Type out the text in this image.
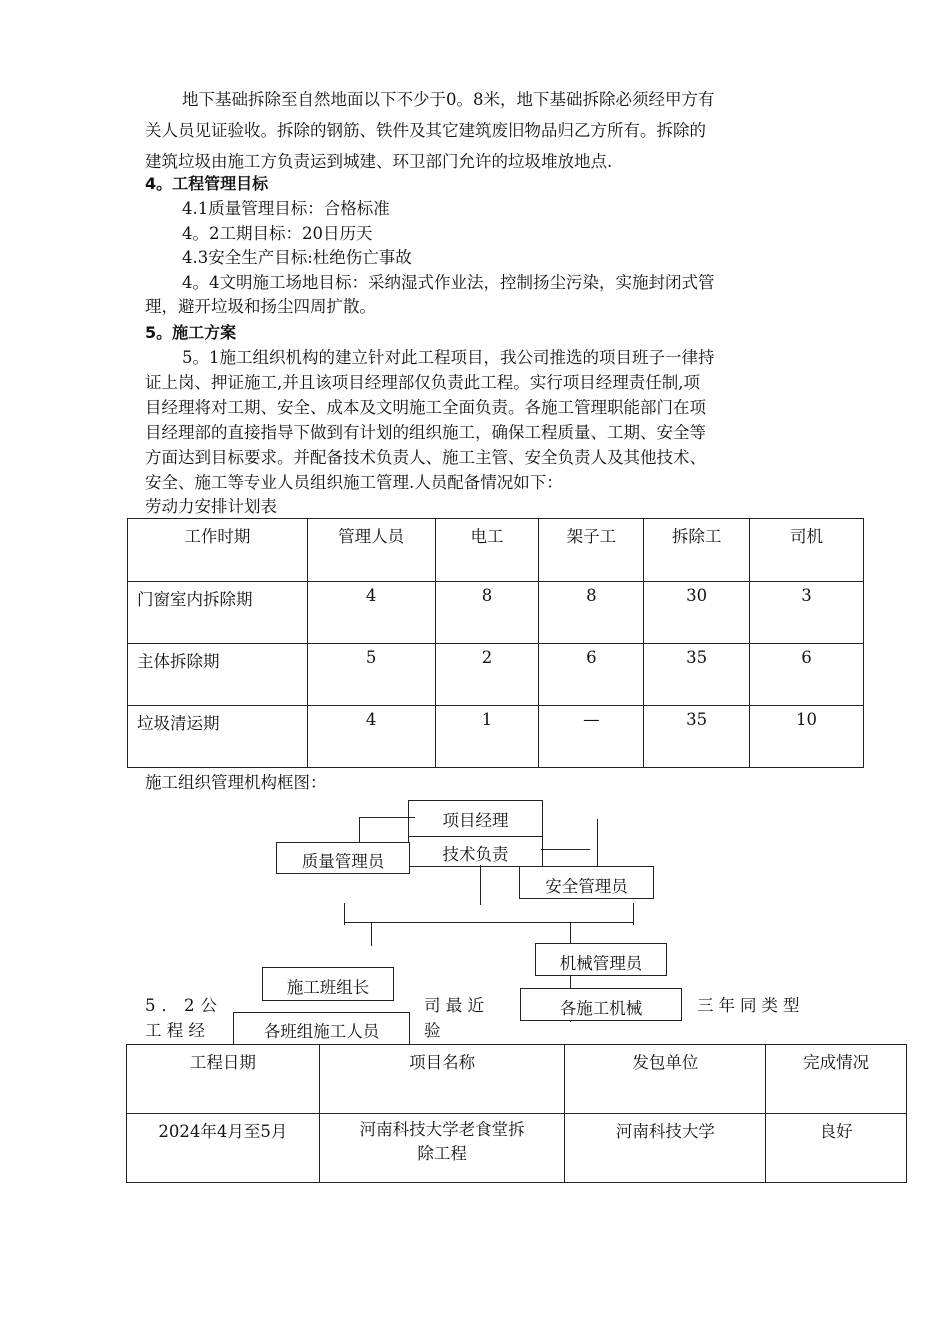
地下基础拆除至自然地面以下不少于0。8米，地下基础拆除必须经甲方有
关人员见证验收。拆除的钢筋、铁件及其它建筑废旧物品归乙方所有。拆除的
建筑垃圾由施工方负责运到城建、环卫部门允许的垃圾堆放地点.
4。工程管理目标
4.1质量管理目标：合格标准
4。2工期目标：20日历天
4.3安全生产目标:杜绝伤亡事故
4。4文明施工场地目标：采纳湿式作业法，控制扬尘污染，实施封闭式管
理，避开垃圾和扬尘四周扩散。
5。施工方案
5。1施工组织机构的建立针对此工程项目，我公司推选的项目班子一律持
证上岗、押证施工,并且该项目经理部仅负责此工程。实行项目经理责任制,项
目经理将对工期、安全、成本及文明施工全面负责。各施工管理职能部门在项
目经理部的直接指导下做到有计划的组织施工，确保工程质量、工期、安全等
方面达到目标要求。并配备技术负责人、施工主管、安全负责人及其他技术、
安全、施工等专业人员组织施工管理.人员配备情况如下：
劳动力安排计划表
工作时期	管理人员	电工	架子工	拆除工	司机

门窗室内拆除期	4	8	8	30	3

主体拆除期	5	2	6	35	6

垃圾清运期	4	1	—	35	10
施工组织管理机构框图：
项目经理
技术负责
质量管理员
安全管理员
机械管理员
施工班组长
各施工机械
各班组施工人员
5．2公	司 最 近	三年同类型
工 程 经	验
工程日期	项目名称	发包单位	完成情况

2024年4月至5月	河南科技大学老食堂拆除工程	河南科技大学	良好
